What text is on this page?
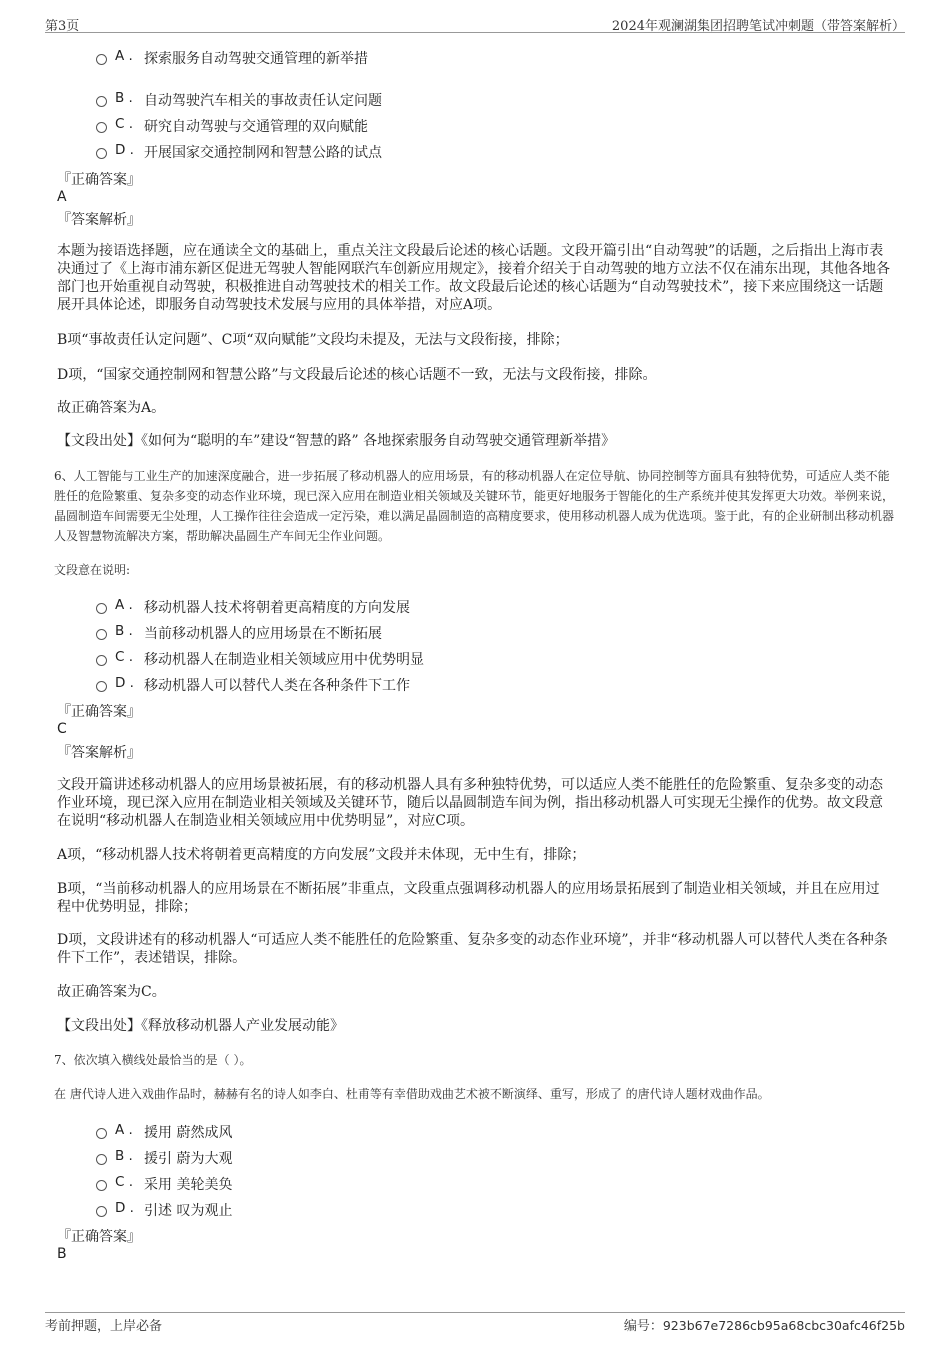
第3页	2024年观澜湖集团招聘笔试冲刺题（带答案解析）
A . 探索服务自动驾驶交通管理的新举措
B . 自动驾驶汽车相关的事故责任认定问题
C . 研究自动驾驶与交通管理的双向赋能
D . 开展国家交通控制网和智慧公路的试点
『正确答案』
A
『答案解析』
本题为接语选择题，应在通读全文的基础上，重点关注文段最后论述的核心话题。文段开篇引出“自动驾驶”的话题，之后指出上海市表决通过了《上海市浦东新区促进无驾驶人智能网联汽车创新应用规定》，接着介绍关于自动驾驶的地方立法不仅在浦东出现，其他各地各部门也开始重视自动驾驶，积极推进自动驾驶技术的相关工作。故文段最后论述的核心话题为“自动驾驶技术”，接下来应围绕这一话题展开具体论述，即服务自动驾驶技术发展与应用的具体举措，对应A项。
B项“事故责任认定问题”、C项“双向赋能”文段均未提及，无法与文段衔接，排除；
D项，“国家交通控制网和智慧公路”与文段最后论述的核心话题不一致，无法与文段衔接，排除。
故正确答案为A。
【文段出处】《如何为“聪明的车”建设“智慧的路” 各地探索服务自动驾驶交通管理新举措》
6、人工智能与工业生产的加速深度融合，进一步拓展了移动机器人的应用场景，有的移动机器人在定位导航、协同控制等方面具有独特优势，可适应人类不能胜任的危险繁重、复杂多变的动态作业环境，现已深入应用在制造业相关领域及关键环节，能更好地服务于智能化的生产系统并使其发挥更大功效。举例来说，晶圆制造车间需要无尘处理，人工操作往往会造成一定污染，难以满足晶圆制造的高精度要求，使用移动机器人成为优选项。鉴于此，有的企业研制出移动机器人及智慧物流解决方案，帮助解决晶圆生产车间无尘作业问题。
文段意在说明:
A . 移动机器人技术将朝着更高精度的方向发展
B . 当前移动机器人的应用场景在不断拓展
C . 移动机器人在制造业相关领域应用中优势明显
D . 移动机器人可以替代人类在各种条件下工作
『正确答案』
C
『答案解析』
文段开篇讲述移动机器人的应用场景被拓展，有的移动机器人具有多种独特优势，可以适应人类不能胜任的危险繁重、复杂多变的动态作业环境，现已深入应用在制造业相关领域及关键环节，随后以晶圆制造车间为例，指出移动机器人可实现无尘操作的优势。故文段意在说明“移动机器人在制造业相关领域应用中优势明显”，对应C项。
A项，“移动机器人技术将朝着更高精度的方向发展”文段并未体现，无中生有，排除；
B项，“当前移动机器人的应用场景在不断拓展”非重点，文段重点强调移动机器人的应用场景拓展到了制造业相关领域，并且在应用过程中优势明显，排除；
D项，文段讲述有的移动机器人“可适应人类不能胜任的危险繁重、复杂多变的动态作业环境”，并非“移动机器人可以替代人类在各种条件下工作”，表述错误，排除。
故正确答案为C。
【文段出处】《释放移动机器人产业发展动能》
7、依次填入横线处最恰当的是（ ）。
在 唐代诗人进入戏曲作品时，赫赫有名的诗人如李白、杜甫等有幸借助戏曲艺术被不断演绎、重写，形成了 的唐代诗人题材戏曲作品。
A . 援用 蔚然成风
B . 援引 蔚为大观
C . 采用 美轮美奂
D . 引述 叹为观止
『正确答案』
B
考前押题，上岸必备	编号：923b67e7286cb95a68cbc30afc46f25b
